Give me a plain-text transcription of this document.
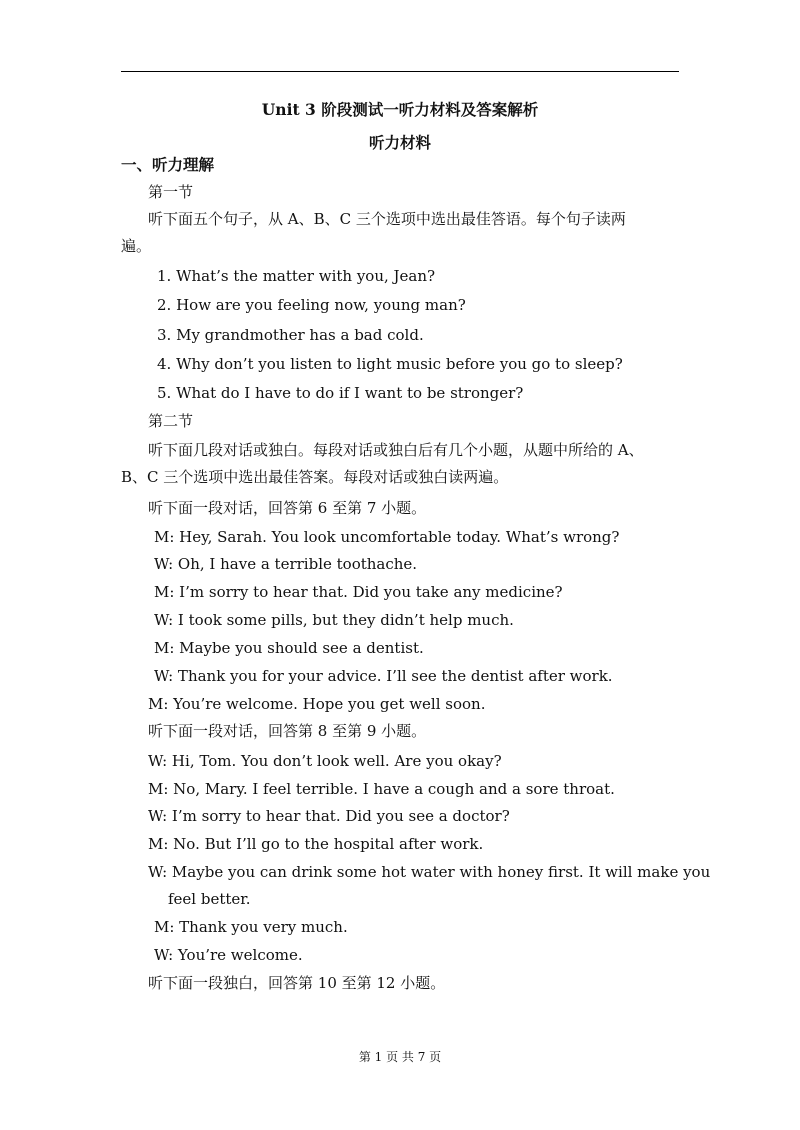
Unit 3 阶段测试一听力材料及答案解析
听力材料
一、听力理解
第一节
听下面五个句子，从 A、B、C 三个选项中选出最佳答语。每个句子读两
遍。
1. What’s the matter with you, Jean?
2. How are you feeling now, young man?
3. My grandmother has a bad cold.
4. Why don’t you listen to light music before you go to sleep?
5. What do I have to do if I want to be stronger?
第二节
听下面几段对话或独白。每段对话或独白后有几个小题，从题中所给的 A、
B、C 三个选项中选出最佳答案。每段对话或独白读两遍。
听下面一段对话，回答第 6 至第 7 小题。
M: Hey, Sarah. You look uncomfortable today. What’s wrong?
W: Oh, I have a terrible toothache.
M: I’m sorry to hear that. Did you take any medicine?
W: I took some pills, but they didn’t help much.
M: Maybe you should see a dentist.
W: Thank you for your advice. I’ll see the dentist after work.
M: You’re welcome. Hope you get well soon.
听下面一段对话，回答第 8 至第 9 小题。
W: Hi, Tom. You don’t look well. Are you okay?
M: No, Mary. I feel terrible. I have a cough and a sore throat.
W: I’m sorry to hear that. Did you see a doctor?
M: No. But I’ll go to the hospital after work.
W: Maybe you can drink some hot water with honey first. It will make you
feel better.
M: Thank you very much.
W: You’re welcome.
听下面一段独白，回答第 10 至第 12 小题。
第 1 页 共 7 页
